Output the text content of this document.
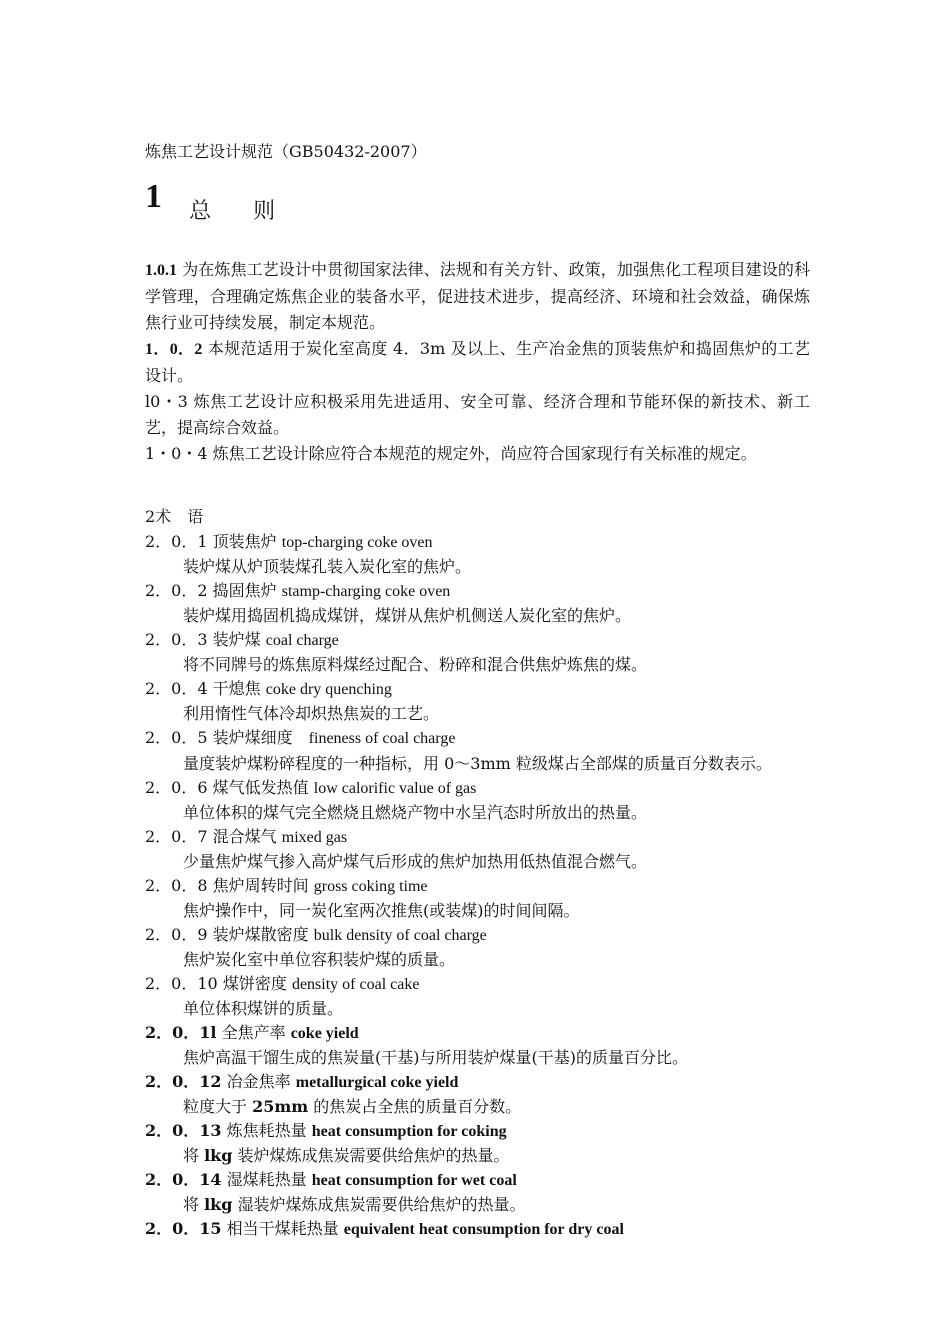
炼焦工艺设计规范（GB50432-2007）
1 总 则
1.0.1 为在炼焦工艺设计中贯彻国家法律、法规和有关方针、政策，加强焦化工程项目建设的科学管理，合理确定炼焦企业的装备水平，促进技术进步，提高经济、环境和社会效益，确保炼焦行业可持续发展，制定本规范。
1．0．2 本规范适用于炭化室高度 4．3m 及以上、生产冶金焦的顶装焦炉和捣固焦炉的工艺设计。
l0・3 炼焦工艺设计应积极采用先进适用、安全可靠、经济合理和节能环保的新技术、新工艺，提高综合效益。
1・0・4 炼焦工艺设计除应符合本规范的规定外，尚应符合国家现行有关标准的规定。
2术　 语
2．0．1 顶装焦炉 top-charging coke oven
装炉煤从炉顶装煤孔装入炭化室的焦炉。
2．0．2 捣固焦炉 stamp-charging coke oven
装炉煤用捣固机捣成煤饼，煤饼从焦炉机侧送人炭化室的焦炉。
2．0．3 装炉煤 coal charge
将不同牌号的炼焦原料煤经过配合、粉碎和混合供焦炉炼焦的煤。
2．0．4 干熄焦 coke dry quenching
利用惰性气体冷却炽热焦炭的工艺。
2．0．5 装炉煤细度　 fineness of coal charge
量度装炉煤粉碎程度的一种指标，用 0～3mm 粒级煤占全部煤的质量百分数表示。
2．0．6 煤气低发热值 low calorific value of gas
单位体积的煤气完全燃烧且燃烧产物中水呈汽态时所放出的热量。
2．0．7 混合煤气 mixed gas
少量焦炉煤气掺入高炉煤气后形成的焦炉加热用低热值混合燃气。
2．0．8 焦炉周转时间 gross coking time
焦炉操作中，同一炭化室两次推焦(或装煤)的时间间隔。
2．0．9 装炉煤散密度 bulk density of coal charge
焦炉炭化室中单位容积装炉煤的质量。
2．0．10 煤饼密度 density of coal cake
单位体积煤饼的质量。
2．0．1l 全焦产率 coke yield
焦炉高温干馏生成的焦炭量(干基)与所用装炉煤量(干基)的质量百分比。
2．0．12 冶金焦率 metallurgical coke yield
粒度大于 25mm 的焦炭占全焦的质量百分数。
2．0．13 炼焦耗热量 heat consumption for coking
将 lkg 装炉煤炼成焦炭需要供给焦炉的热量。
2．0．14 湿煤耗热量 heat consumption for wet coal
将 lkg 湿装炉煤炼成焦炭需要供给焦炉的热量。
2．0．15 相当干煤耗热量 equivalent heat consumption for dry coal
